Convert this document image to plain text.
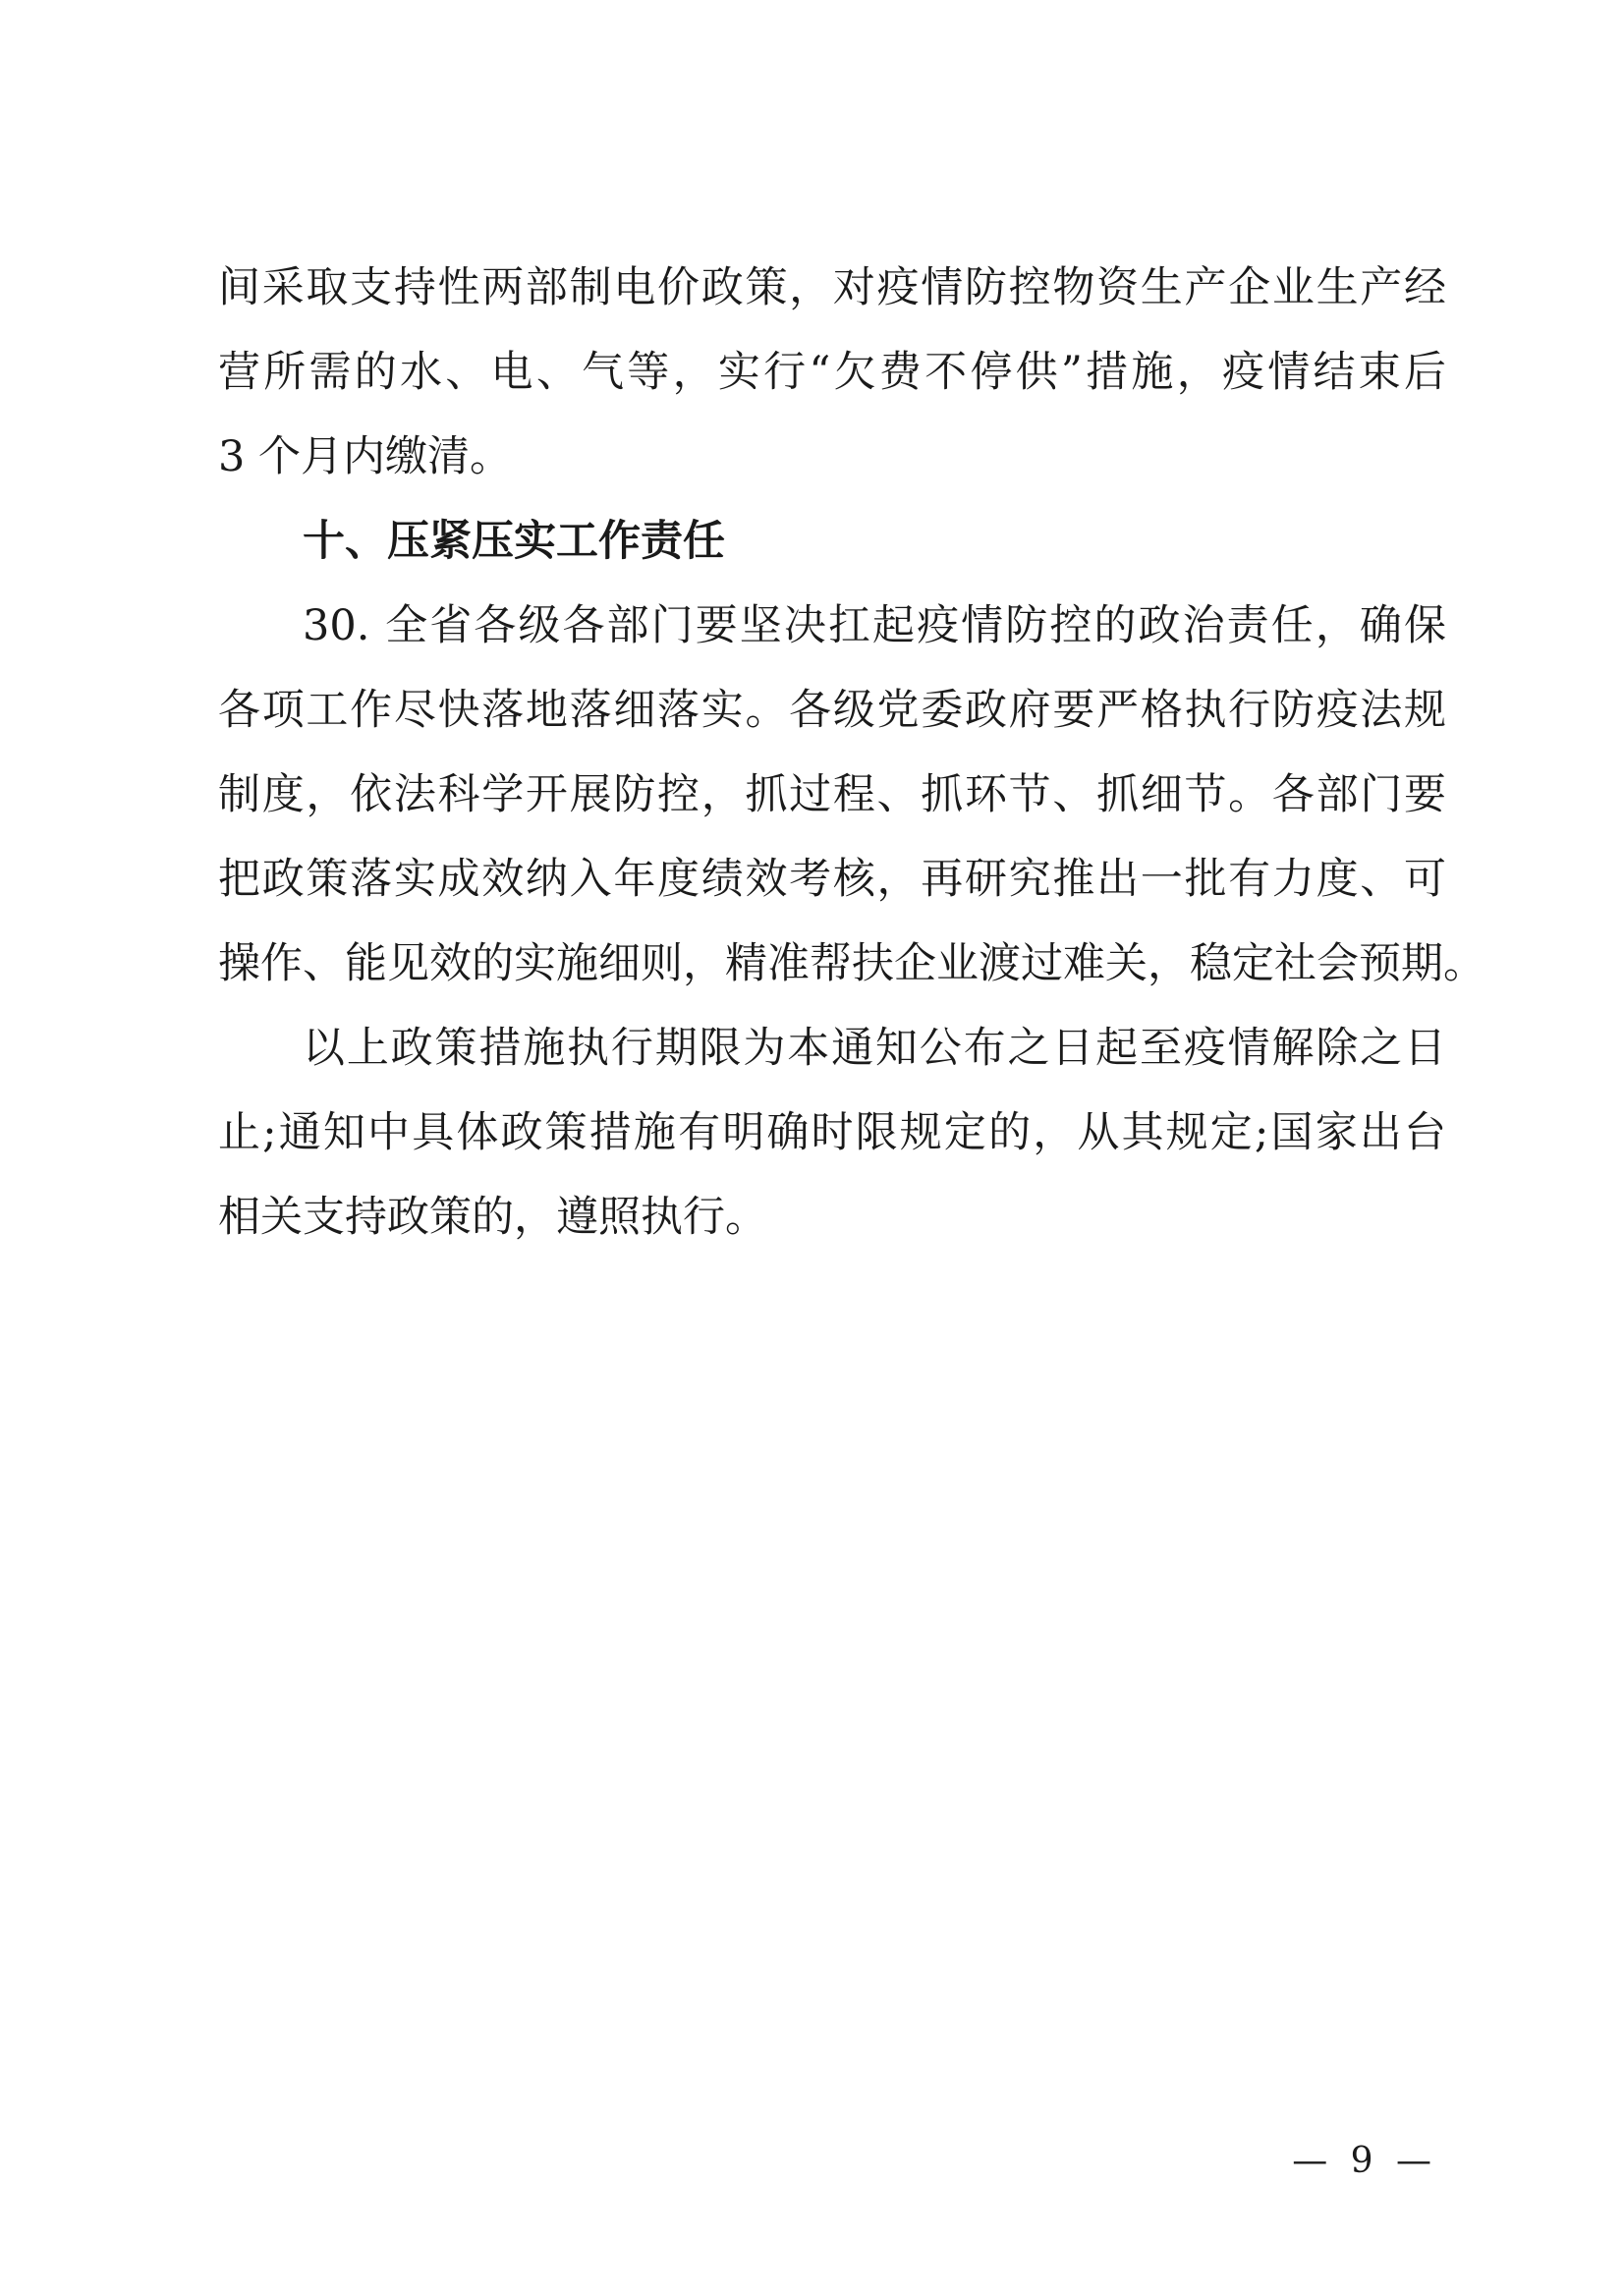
间采取支持性两部制电价政策，对疫情防控物资生产企业生产经
营所需的水、电、气等，实行“欠费不停供”措施，疫情结束后
3 个月内缴清。
十、压紧压实工作责任
30. 全省各级各部门要坚决扛起疫情防控的政治责任，确保
各项工作尽快落地落细落实。各级党委政府要严格执行防疫法规
制度，依法科学开展防控，抓过程、抓环节、抓细节。各部门要
把政策落实成效纳入年度绩效考核，再研究推出一批有力度、可
操作、能见效的实施细则，精准帮扶企业渡过难关，稳定社会预期。
以上政策措施执行期限为本通知公布之日起至疫情解除之日
止;通知中具体政策措施有明确时限规定的，从其规定;国家出台
相关支持政策的，遵照执行。
— 9 —
